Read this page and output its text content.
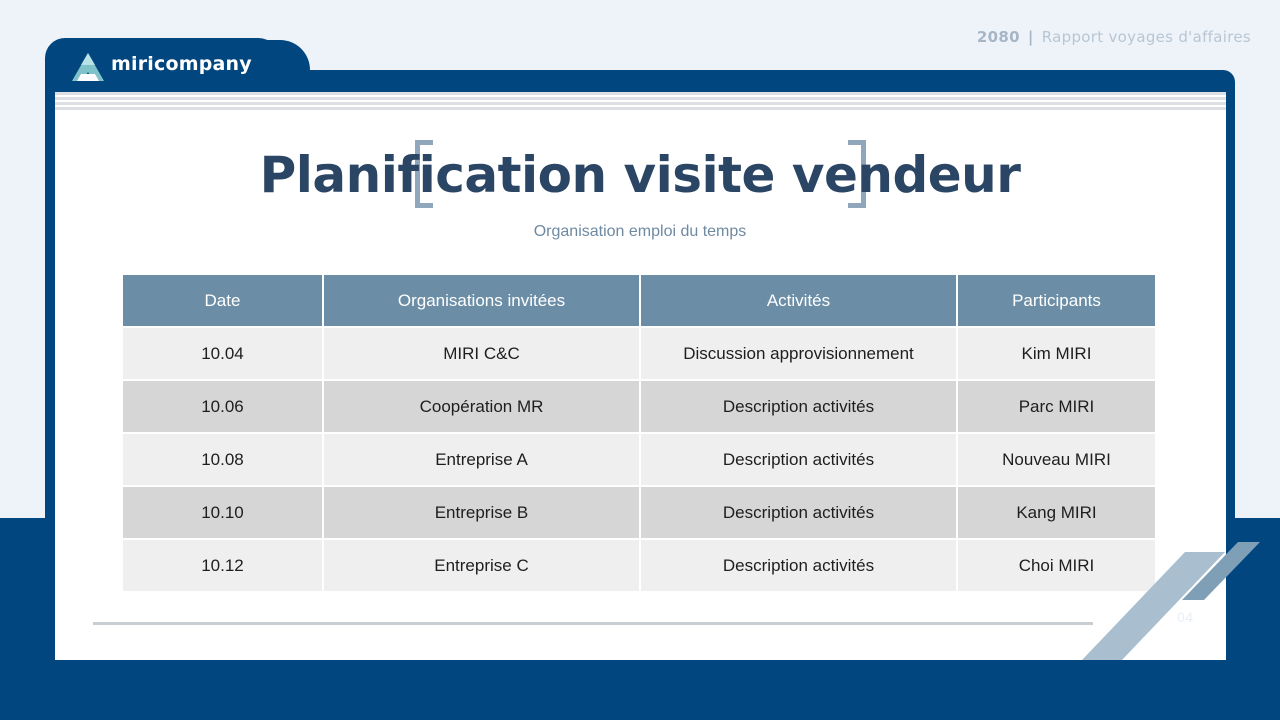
2080 | Rapport voyages d'affaires
miricompany
Planification visite vendeur
Organisation emploi du temps
Date	Organisations invitées	Activités	Participants
10.04	MIRI C&C	Discussion approvisionnement	Kim MIRI
10.06	Coopération MR	Description activités	Parc MIRI
10.08	Entreprise A	Description activités	Nouveau MIRI
10.10	Entreprise B	Description activités	Kang MIRI
10.12	Entreprise C	Description activités	Choi MIRI
04
